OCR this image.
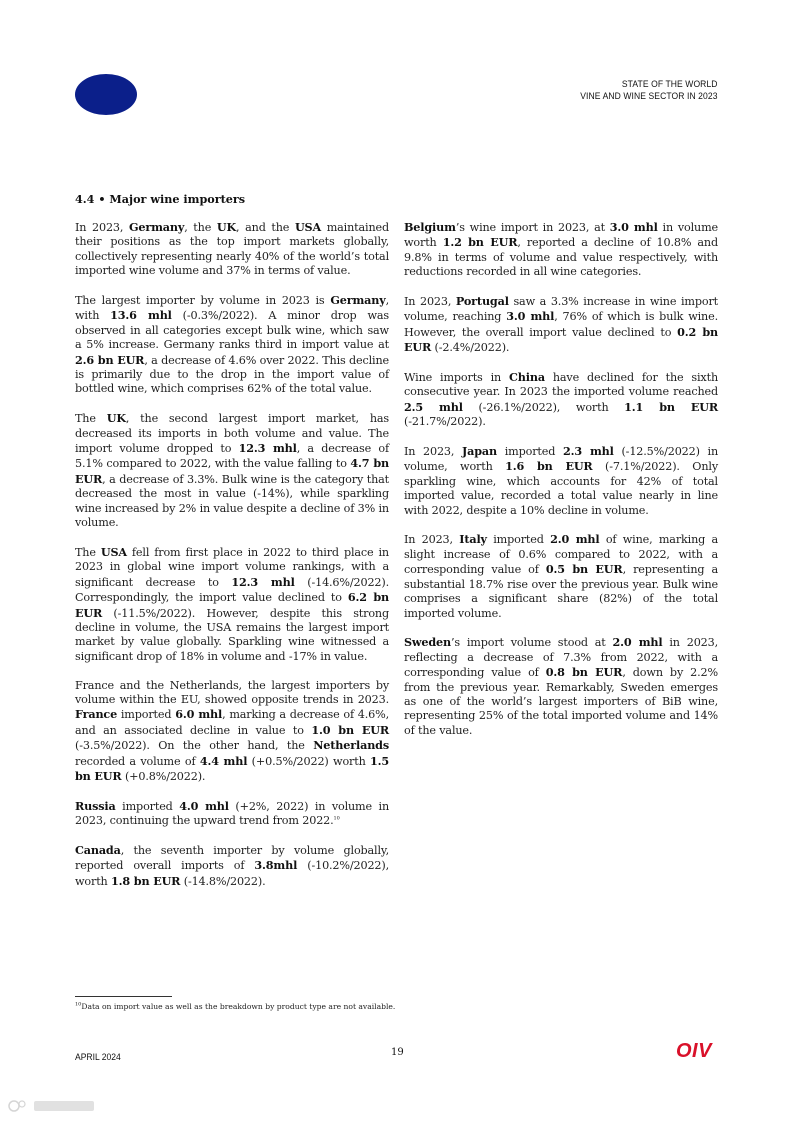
STATE OF THE WORLD
VINE AND WINE SECTOR IN 2023
4.4 • Major wine importers

In 2023, Germany, the UK, and the USA maintained their positions as the top import markets globally, collectively representing nearly 40% of the world’s total imported wine volume and 37% in terms of value.

The largest importer by volume in 2023 is Germany, with 13.6 mhl (-0.3%/2022). A minor drop was observed in all categories except bulk wine, which saw a 5% increase. Germany ranks third in import value at 2.6 bn EUR, a decrease of 4.6% over 2022. This decline is primarily due to the drop in the import value of bottled wine, which comprises 62% of the total value.

The UK, the second largest import market, has decreased its imports in both volume and value. The import volume dropped to 12.3 mhl, a decrease of 5.1% compared to 2022, with the value falling to 4.7 bn EUR, a decrease of 3.3%. Bulk wine is the category that decreased the most in value (-14%), while sparkling wine increased by 2% in value despite a decline of 3% in volume.

The USA fell from first place in 2022 to third place in 2023 in global wine import volume rankings, with a significant decrease to 12.3 mhl (-14.6%/2022). Correspondingly, the import value declined to 6.2 bn EUR (-11.5%/2022). However, despite this strong decline in volume, the USA remains the largest import market by value globally. Sparkling wine witnessed a significant drop of 18% in volume and -17% in value.

France and the Netherlands, the largest importers by volume within the EU, showed opposite trends in 2023. France imported 6.0 mhl, marking a decrease of 4.6%, and an associated decline in value to 1.0 bn EUR (-3.5%/2022). On the other hand, the Netherlands recorded a volume of 4.4 mhl (+0.5%/2022) worth 1.5 bn EUR (+0.8%/2022).

Russia imported 4.0 mhl (+2%, 2022) in volume in 2023, continuing the upward trend from 2022.10

Canada, the seventh importer by volume globally, reported overall imports of 3.8mhl (-10.2%/2022), worth 1.8 bn EUR (-14.8%/2022).

Belgium’s wine import in 2023, at 3.0 mhl in volume worth 1.2 bn EUR, reported a decline of 10.8% and 9.8% in terms of volume and value respectively, with reductions recorded in all wine categories.

In 2023, Portugal saw a 3.3% increase in wine import volume, reaching 3.0 mhl, 76% of which is bulk wine. However, the overall import value declined to 0.2 bn EUR (-2.4%/2022).

Wine imports in China have declined for the sixth consecutive year. In 2023 the imported volume reached 2.5 mhl (-26.1%/2022), worth 1.1 bn EUR (-21.7%/2022).

In 2023, Japan imported 2.3 mhl (-12.5%/2022) in volume, worth 1.6 bn EUR (-7.1%/2022). Only sparkling wine, which accounts for 42% of total imported value, recorded a total value nearly in line with 2022, despite a 10% decline in volume.

In 2023, Italy imported 2.0 mhl of wine, marking a slight increase of 0.6% compared to 2022, with a corresponding value of 0.5 bn EUR, representing a substantial 18.7% rise over the previous year. Bulk wine comprises a significant share (82%) of the total imported volume.

Sweden’s import volume stood at 2.0 mhl in 2023, reflecting a decrease of 7.3% from 2022, with a corresponding value of 0.8 bn EUR, down by 2.2% from the previous year. Remarkably, Sweden emerges as one of the world’s largest importers of BiB wine, representing 25% of the total imported volume and 14% of the value.

$^{10}$Data on import value as well as the breakdown by product type are not available.
APRIL 2024	19	OIV
